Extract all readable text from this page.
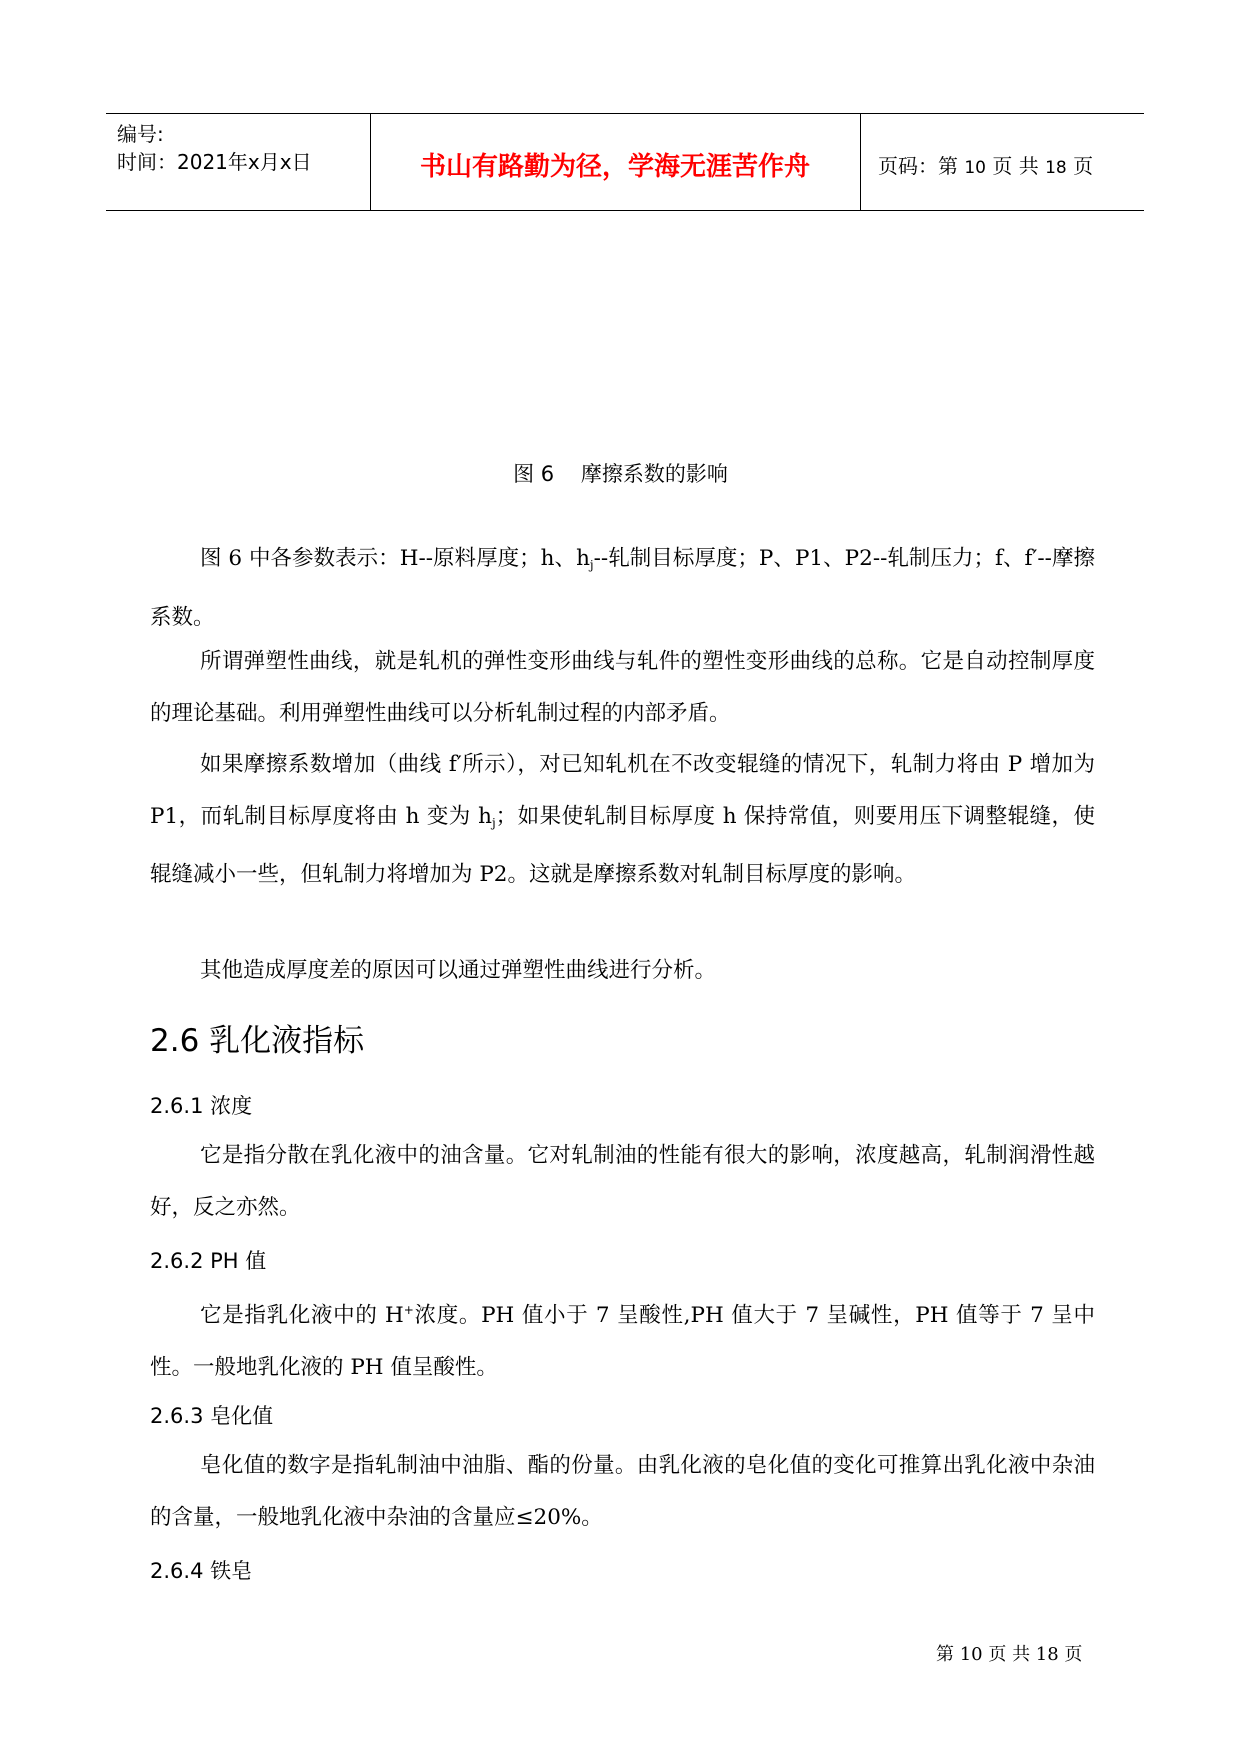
编号:
时间：2021年x月x日	书山有路勤为径，学海无涯苦作舟	页码：第 10 页 共 18 页
图 6    摩擦系数的影响

图 6 中各参数表示：H--原料厚度；h、$h_j--$轧制目标厚度；P、P1、P2--轧制压力；f、f′--摩擦系数。

所谓弹塑性曲线，就是轧机的弹性变形曲线与轧件的塑性变形曲线的总称。它是自动控制厚度的理论基础。利用弹塑性曲线可以分析轧制过程的内部矛盾。

如果摩擦系数增加（曲线 f′所示），对已知轧机在不改变辊缝的情况下，轧制力将由 P 增加为 P1，而轧制目标厚度将由 h 变为 $h_j$；如果使轧制目标厚度 h 保持常值，则要用压下调整辊缝，使辊缝减小一些，但轧制力将增加为 P2。这就是摩擦系数对轧制目标厚度的影响。

其他造成厚度差的原因可以通过弹塑性曲线进行分析。

2.6 乳化液指标
2.6.1 浓度

它是指分散在乳化液中的油含量。它对轧制油的性能有很大的影响，浓度越高，轧制润滑性越好，反之亦然。

2.6.2 PH 值

它是指乳化液中的 H+浓度。PH 值小于 7 呈酸性,PH 值大于 7 呈碱性，PH 值等于 7 呈中性。一般地乳化液的 PH 值呈酸性。

2.6.3 皂化值

皂化值的数字是指轧制油中油脂、酯的份量。由乳化液的皂化值的变化可推算出乳化液中杂油的含量，一般地乳化液中杂油的含量应≤20%。

2.6.4 铁皂
第 10 页 共 18 页
